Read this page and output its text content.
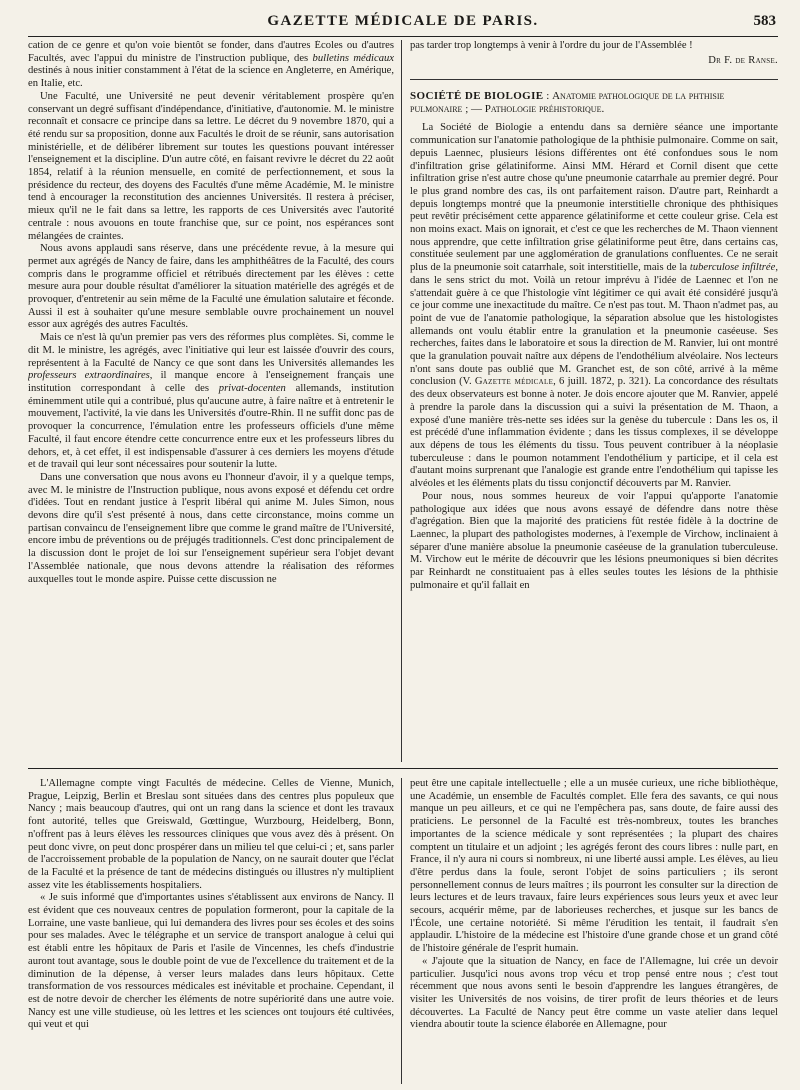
GAZETTE MÉDICALE DE PARIS.	583

cation de ce genre et qu'on voie bientôt se fonder, dans d'autres Écoles ou d'autres Facultés, avec l'appui du ministre de l'instruction publique, des bulletins médicaux destinés à nous initier constamment à l'état de la science en Angleterre, en Amérique, en Italie, etc.

Une Faculté, une Université ne peut devenir véritablement prospère qu'en conservant un degré suffisant d'indépendance, d'initiative, d'autonomie. M. le ministre reconnaît et consacre ce principe dans sa lettre. Le décret du 9 novembre 1870, qui a été rendu sur sa proposition, donne aux Facultés le droit de se réunir, sans autorisation ministérielle, et de délibérer librement sur toutes les questions pouvant intéresser l'enseignement et la discipline. D'un autre côté, en faisant revivre le décret du 22 août 1854, relatif à la réunion mensuelle, en comité de perfectionnement, et sous la présidence du recteur, des doyens des Facultés d'une même Académie, M. le ministre tend à encourager la reconstitution des anciennes Universités. Il restera à préciser, mieux qu'il ne le fait dans sa lettre, les rapports de ces Universités avec l'autorité centrale : nous avouons en toute franchise que, sur ce point, nos espérances sont mélangées de craintes.

Nous avons applaudi sans réserve, dans une précédente revue, à la mesure qui permet aux agrégés de Nancy de faire, dans les amphithéâtres de la Faculté, des cours compris dans le programme officiel et rétribués directement par les élèves : cette mesure aura pour double résultat d'améliorer la situation matérielle des agrégés et de provoquer, d'entretenir au sein même de la Faculté une émulation salutaire et féconde. Aussi il est à souhaiter qu'une mesure semblable ouvre prochainement un nouvel essor aux agrégés des autres Facultés.

Mais ce n'est là qu'un premier pas vers des réformes plus complètes. Si, comme le dit M. le ministre, les agrégés, avec l'initiative qui leur est laissée d'ouvrir des cours, représentent à la Faculté de Nancy ce que sont dans les Universités allemandes les professeurs extraordinaires, il manque encore à l'enseignement français une institution correspondant à celle des privat-docenten allemands, institution éminemment utile qui a contribué, plus qu'aucune autre, à faire naître et à entretenir le mouvement, l'activité, la vie dans les Universités d'outre-Rhin. Il ne suffit donc pas de provoquer la concurrence, l'émulation entre les professeurs officiels d'une même Faculté, il faut encore étendre cette concurrence entre eux et les professeurs libres du dehors, et, à cet effet, il est indispensable d'assurer à ces derniers les moyens d'étude et de travail qui leur sont nécessaires pour soutenir la lutte.

Dans une conversation que nous avons eu l'honneur d'avoir, il y a quelque temps, avec M. le ministre de l'Instruction publique, nous avons exposé et défendu cet ordre d'idées. Tout en rendant justice à l'esprit libéral qui anime M. Jules Simon, nous devons dire qu'il s'est présenté à nous, dans cette circonstance, moins comme un partisan convaincu de l'enseignement libre que comme le grand maître de l'Université, encore imbu de préventions ou de préjugés traditionnels. C'est donc principalement de la discussion dont le projet de loi sur l'enseignement supérieur sera l'objet devant l'Assemblée nationale, que nous devons attendre la réalisation des réformes auxquelles tout le monde aspire. Puisse cette discussion ne

pas tarder trop longtemps à venir à l'ordre du jour de l'Assemblée !

Dr F. de Ranse.
SOCIÉTÉ DE BIOLOGIE : Anatomie pathologique de la phthisie pulmonaire ; — Pathologie préhistorique.

La Société de Biologie a entendu dans sa dernière séance une importante communication sur l'anatomie pathologique de la phthisie pulmonaire. Comme on sait, depuis Laennec, plusieurs lésions différentes ont été confondues sous le nom d'infiltration grise gélatiniforme. Ainsi MM. Hérard et Cornil disent que cette infiltration grise n'est autre chose qu'une pneumonie catarrhale au premier degré. Pour le plus grand nombre des cas, ils ont parfaitement raison. D'autre part, Reinhardt a depuis longtemps montré que la pneumonie interstitielle chronique des phthisiques peut revêtir précisément cette apparence gélatiniforme et cette couleur grise. Cela est non moins exact. Mais on ignorait, et c'est ce que les recherches de M. Thaon viennent nous apprendre, que cette infiltration grise gélatiniforme peut être, dans certains cas, constituée seulement par une agglomération de granulations confluentes. Ce ne serait plus de la pneumonie soit catarrhale, soit interstitielle, mais de la tuberculose infiltrée, dans le sens strict du mot. Voilà un retour imprévu à l'idée de Laennec et l'on ne s'attendait guère à ce que l'histologie vînt légitimer ce qui avait été considéré jusqu'à ce jour comme une inexactitude du maître. Ce n'est pas tout. M. Thaon n'admet pas, au point de vue de l'anatomie pathologique, la séparation absolue que les histologistes allemands ont voulu établir entre la granulation et la pneumonie caséeuse. Ses recherches, faites dans le laboratoire et sous la direction de M. Ranvier, lui ont montré que la granulation pouvait naître aux dépens de l'endothélium alvéolaire. Nos lecteurs n'ont sans doute pas oublié que M. Granchet est, de son côté, arrivé à la même conclusion (V. Gazette médicale, 6 juill. 1872, p. 321). La concordance des résultats des deux observateurs est bonne à noter. Je dois encore ajouter que M. Ranvier, appelé à prendre la parole dans la discussion qui a suivi la présentation de M. Thaon, a exposé d'une manière très-nette ses idées sur la genèse du tubercule : Dans les os, il est précédé d'une inflammation évidente ; dans les tissus complexes, il se développe aux dépens de tous les éléments du tissu. Tous peuvent contribuer à la néoplasie tuberculeuse : dans le poumon notamment l'endothélium y participe, et il cela est d'autant moins surprenant que l'analogie est grande entre l'endothélium qui tapisse les alvéoles et les éléments plats du tissu conjonctif découverts par M. Ranvier.

Pour nous, nous sommes heureux de voir l'appui qu'apporte l'anatomie pathologique aux idées que nous avons essayé de défendre dans notre thèse d'agrégation. Bien que la majorité des praticiens fût restée fidèle à la doctrine de Laennec, la plupart des pathologistes modernes, à l'exemple de Virchow, inclinaient à séparer d'une manière absolue la pneumonie caséeuse de la granulation tuberculeuse. M. Virchow eut le mérite de découvrir que les lésions pneumoniques si bien décrites par Reinhardt ne constituaient pas à elles seules toutes les lésions de la phthisie pulmonaire et qu'il fallait en

L'Allemagne compte vingt Facultés de médecine. Celles de Vienne, Munich, Prague, Leipzig, Berlin et Breslau sont situées dans des centres plus populeux que Nancy ; mais beaucoup d'autres, qui ont un rang dans la science et dont les travaux font autorité, telles que Greiswald, Gœttingue, Wurzbourg, Heidelberg, Bonn, n'offrent pas à leurs élèves les ressources cliniques que vous avez dès à présent. On peut donc vivre, on peut donc prospérer dans un milieu tel que celui-ci ; et, sans parler de l'accroissement probable de la population de Nancy, on ne saurait douter que l'éclat de la Faculté et la présence de tant de médecins distingués ou illustres n'y multiplient assez vite les établissements hospitaliers.

« Je suis informé que d'importantes usines s'établissent aux environs de Nancy. Il est évident que ces nouveaux centres de population formeront, pour la capitale de la Lorraine, une vaste banlieue, qui lui demandera des livres pour ses écoles et des soins pour ses malades. Avec le télégraphe et un service de transport analogue à celui qui est établi entre les hôpitaux de Paris et l'asile de Vincennes, les chefs d'industrie auront tout avantage, sous le double point de vue de l'excellence du traitement et de la diminution de la dépense, à verser leurs malades dans leurs hôpitaux. Cette transformation de vos ressources médicales est inévitable et prochaine. Cependant, il est de notre devoir de chercher les éléments de notre supériorité dans une autre voie. Nancy est une ville studieuse, où les lettres et les sciences ont toujours été cultivées, qui veut et qui

peut être une capitale intellectuelle ; elle a un musée curieux, une riche bibliothèque, une Académie, un ensemble de Facultés complet. Elle fera des savants, ce qui nous manque un peu ailleurs, et ce qui ne l'empêchera pas, sans doute, de faire aussi des praticiens. Le personnel de la Faculté est très-nombreux, toutes les branches importantes de la science médicale y sont représentées ; la plupart des chaires comptent un titulaire et un adjoint ; les agrégés feront des cours libres : nulle part, en France, il n'y aura ni cours si nombreux, ni une liberté aussi ample. Les élèves, au lieu d'être perdus dans la foule, seront l'objet de soins particuliers ; ils seront personnellement connus de leurs maîtres ; ils pourront les consulter sur la direction de leurs lectures et de leurs travaux, faire leurs expériences sous leurs yeux et avec leur secours, acquérir même, par de laborieuses recherches, et jusque sur les bancs de l'École, une certaine notoriété. Si même l'érudition les tentait, il faudrait s'en applaudir. L'histoire de la médecine est l'histoire d'une grande chose et un grand côté de l'histoire générale de l'esprit humain.

« J'ajoute que la situation de Nancy, en face de l'Allemagne, lui crée un devoir particulier. Jusqu'ici nous avons trop vécu et trop pensé entre nous ; c'est tout récemment que nous avons senti le besoin d'apprendre les langues étrangères, de visiter les Universités de nos voisins, de tirer profit de leurs théories et de leurs découvertes. La Faculté de Nancy peut être comme un vaste atelier dans lequel viendra aboutir toute la science élaborée en Allemagne, pour
